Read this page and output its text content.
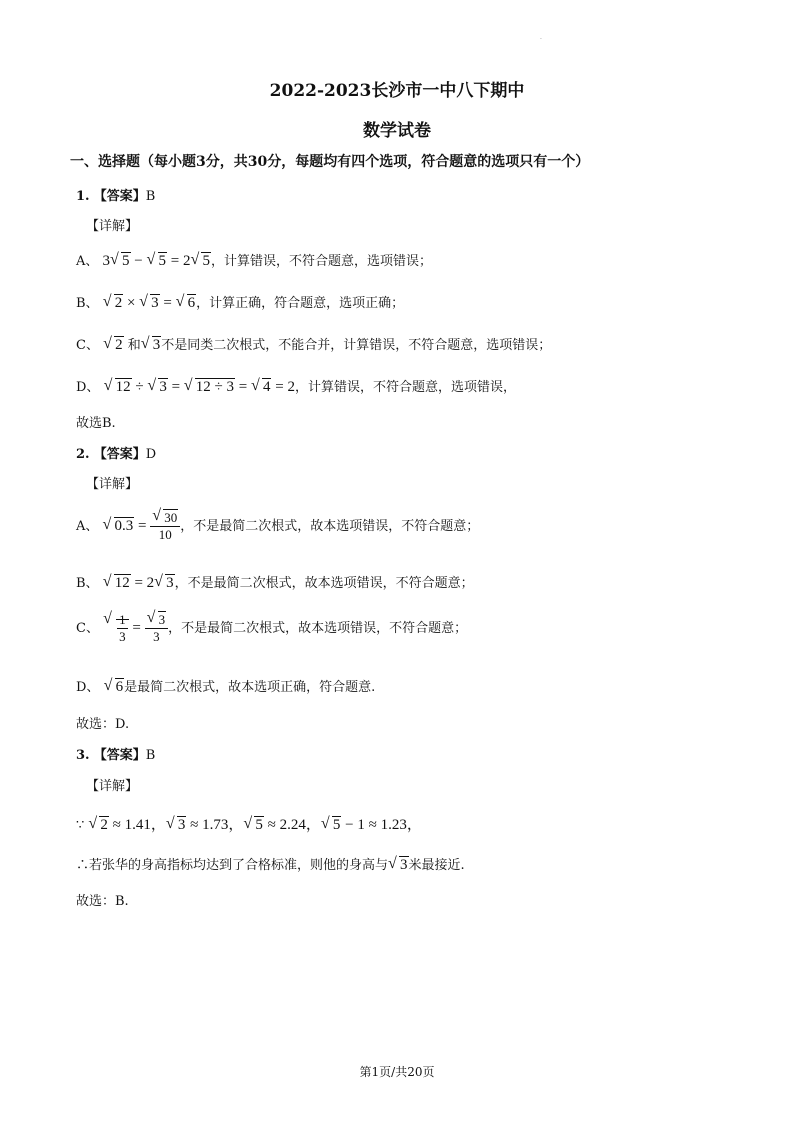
.
2022-2023长沙市一中八下期中
数学试卷
一、选择题（每小题3分，共30分，每题均有四个选项，符合题意的选项只有一个）
1. 【答案】B
【详解】
A、 3 √ 5 − √ 5 = 2 √ 5，计算错误，不符合题意，选项错误；
B、 √ 2 × √ 3 = √ 6，计算正确，符合题意，选项正确；
C、 √ 2 和 √ 3不是同类二次根式，不能合并，计算错误，不符合题意，选项错误；
D、 √ 12 ÷ √ 3 = √ 12 ÷ 3 = √ 4 = 2，计算错误，不符合题意，选项错误，
故选B.
2. 【答案】D
【详解】
A、 √ 0.3 = √ $\frac{30}{10}$ ，不是最简二次根式，故本选项错误，不符合题意；
B、 √ 12 = 2 √ 3，不是最简二次根式，故本选项错误，不符合题意；
C、 √ $\frac{1}{3}$ = √ $\frac{3}{3}$ ，不是最简二次根式，故本选项错误，不符合题意；
D、 √ 6是最简二次根式，故本选项正确，符合题意.
故选：D.
3. 【答案】B
【详解】
∵ √ 2 ≈ 1.41， √ 3 ≈ 1.73， √ 5 ≈ 2.24， √ 5 − 1 ≈ 1.23，
∴若张华的身高指标均达到了合格标准，则他的身高与 √ 3米最接近.
故选：B.
第1页/共20页
